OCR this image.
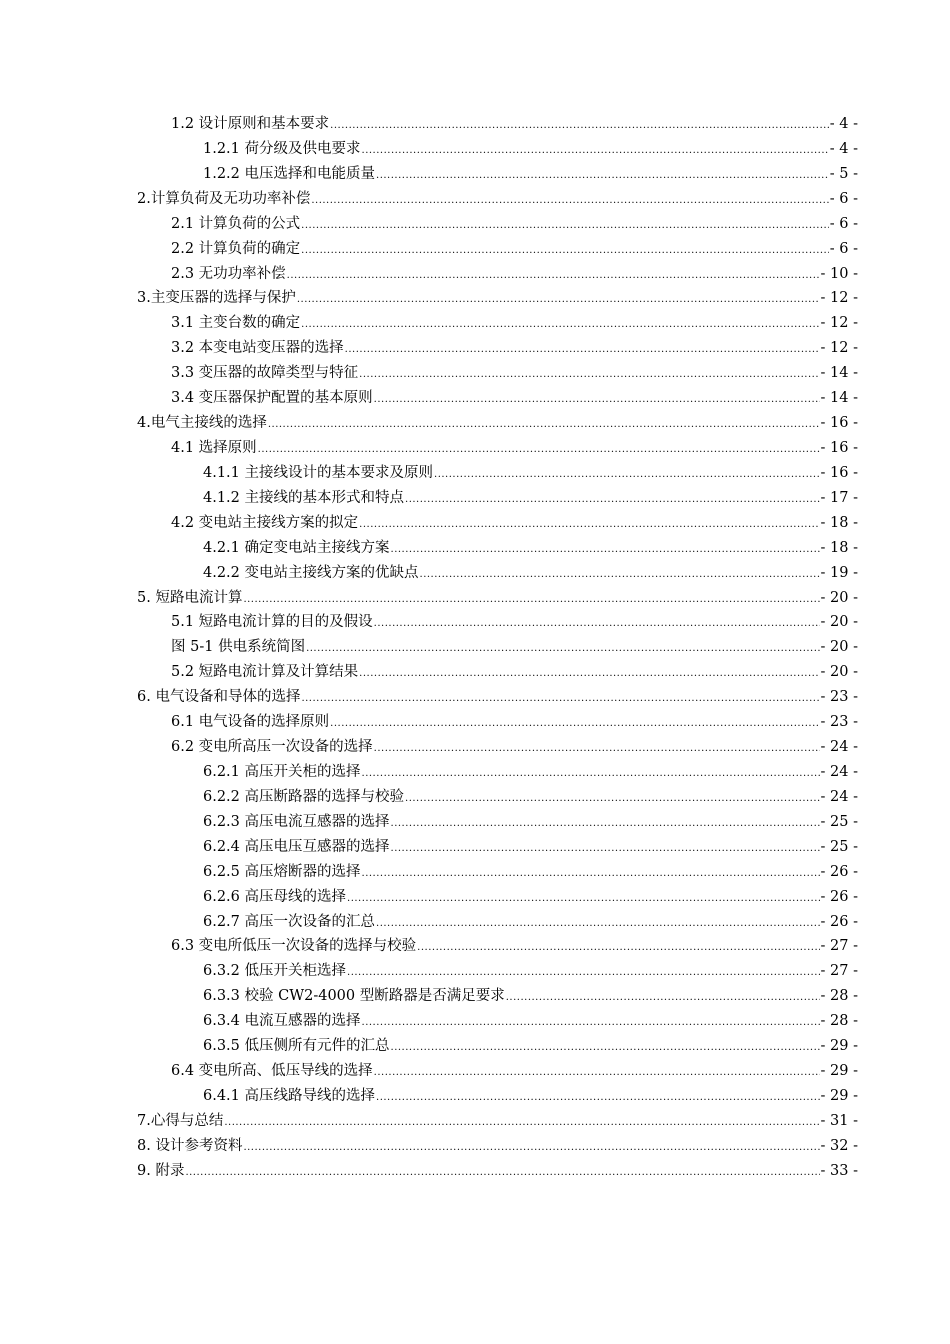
1.2 设计原则和基本要求 .....	- 4 -
1.2.1 荷分级及供电要求 .....	- 4 -
1.2.2 电压选择和电能质量 .....	- 5 -
2.计算负荷及无功功率补偿 .....	- 6 -
2.1 计算负荷的公式 .....	- 6 -
2.2 计算负荷的确定 .....	- 6 -
2.3 无功功率补偿 .....	- 10 -
3.主变压器的选择与保护 .....	- 12 -
3.1 主变台数的确定 .....	- 12 -
3.2 本变电站变压器的选择 .....	- 12 -
3.3 变压器的故障类型与特征 .....	- 14 -
3.4 变压器保护配置的基本原则 .....	- 14 -
4.电气主接线的选择 .....	- 16 -
4.1 选择原则 .....	- 16 -
4.1.1 主接线设计的基本要求及原则 .....	- 16 -
4.1.2 主接线的基本形式和特点 .....	- 17 -
4.2 变电站主接线方案的拟定 .....	- 18 -
4.2.1 确定变电站主接线方案 .....	- 18 -
4.2.2 变电站主接线方案的优缺点 .....	- 19 -
5. 短路电流计算 .....	- 20 -
5.1 短路电流计算的目的及假设 .....	- 20 -
图 5-1 供电系统简图 .....	- 20 -
5.2 短路电流计算及计算结果 .....	- 20 -
6. 电气设备和导体的选择 .....	- 23 -
6.1 电气设备的选择原则 .....	- 23 -
6.2 变电所高压一次设备的选择 .....	- 24 -
6.2.1 高压开关柜的选择 .....	- 24 -
6.2.2 高压断路器的选择与校验 .....	- 24 -
6.2.3 高压电流互感器的选择 .....	- 25 -
6.2.4 高压电压互感器的选择 .....	- 25 -
6.2.5 高压熔断器的选择 .....	- 26 -
6.2.6 高压母线的选择 .....	- 26 -
6.2.7 高压一次设备的汇总 .....	- 26 -
6.3 变电所低压一次设备的选择与校验 .....	- 27 -
6.3.2 低压开关柜选择 .....	- 27 -
6.3.3 校验 CW2-4000 型断路器是否满足要求 .....	- 28 -
6.3.4 电流互感器的选择 .....	- 28 -
6.3.5 低压侧所有元件的汇总 .....	- 29 -
6.4 变电所高、低压导线的选择 .....	- 29 -
6.4.1 高压线路导线的选择 .....	- 29 -
7.心得与总结 .....	- 31 -
8. 设计参考资料 .....	- 32 -
9. 附录 .....	- 33 -
